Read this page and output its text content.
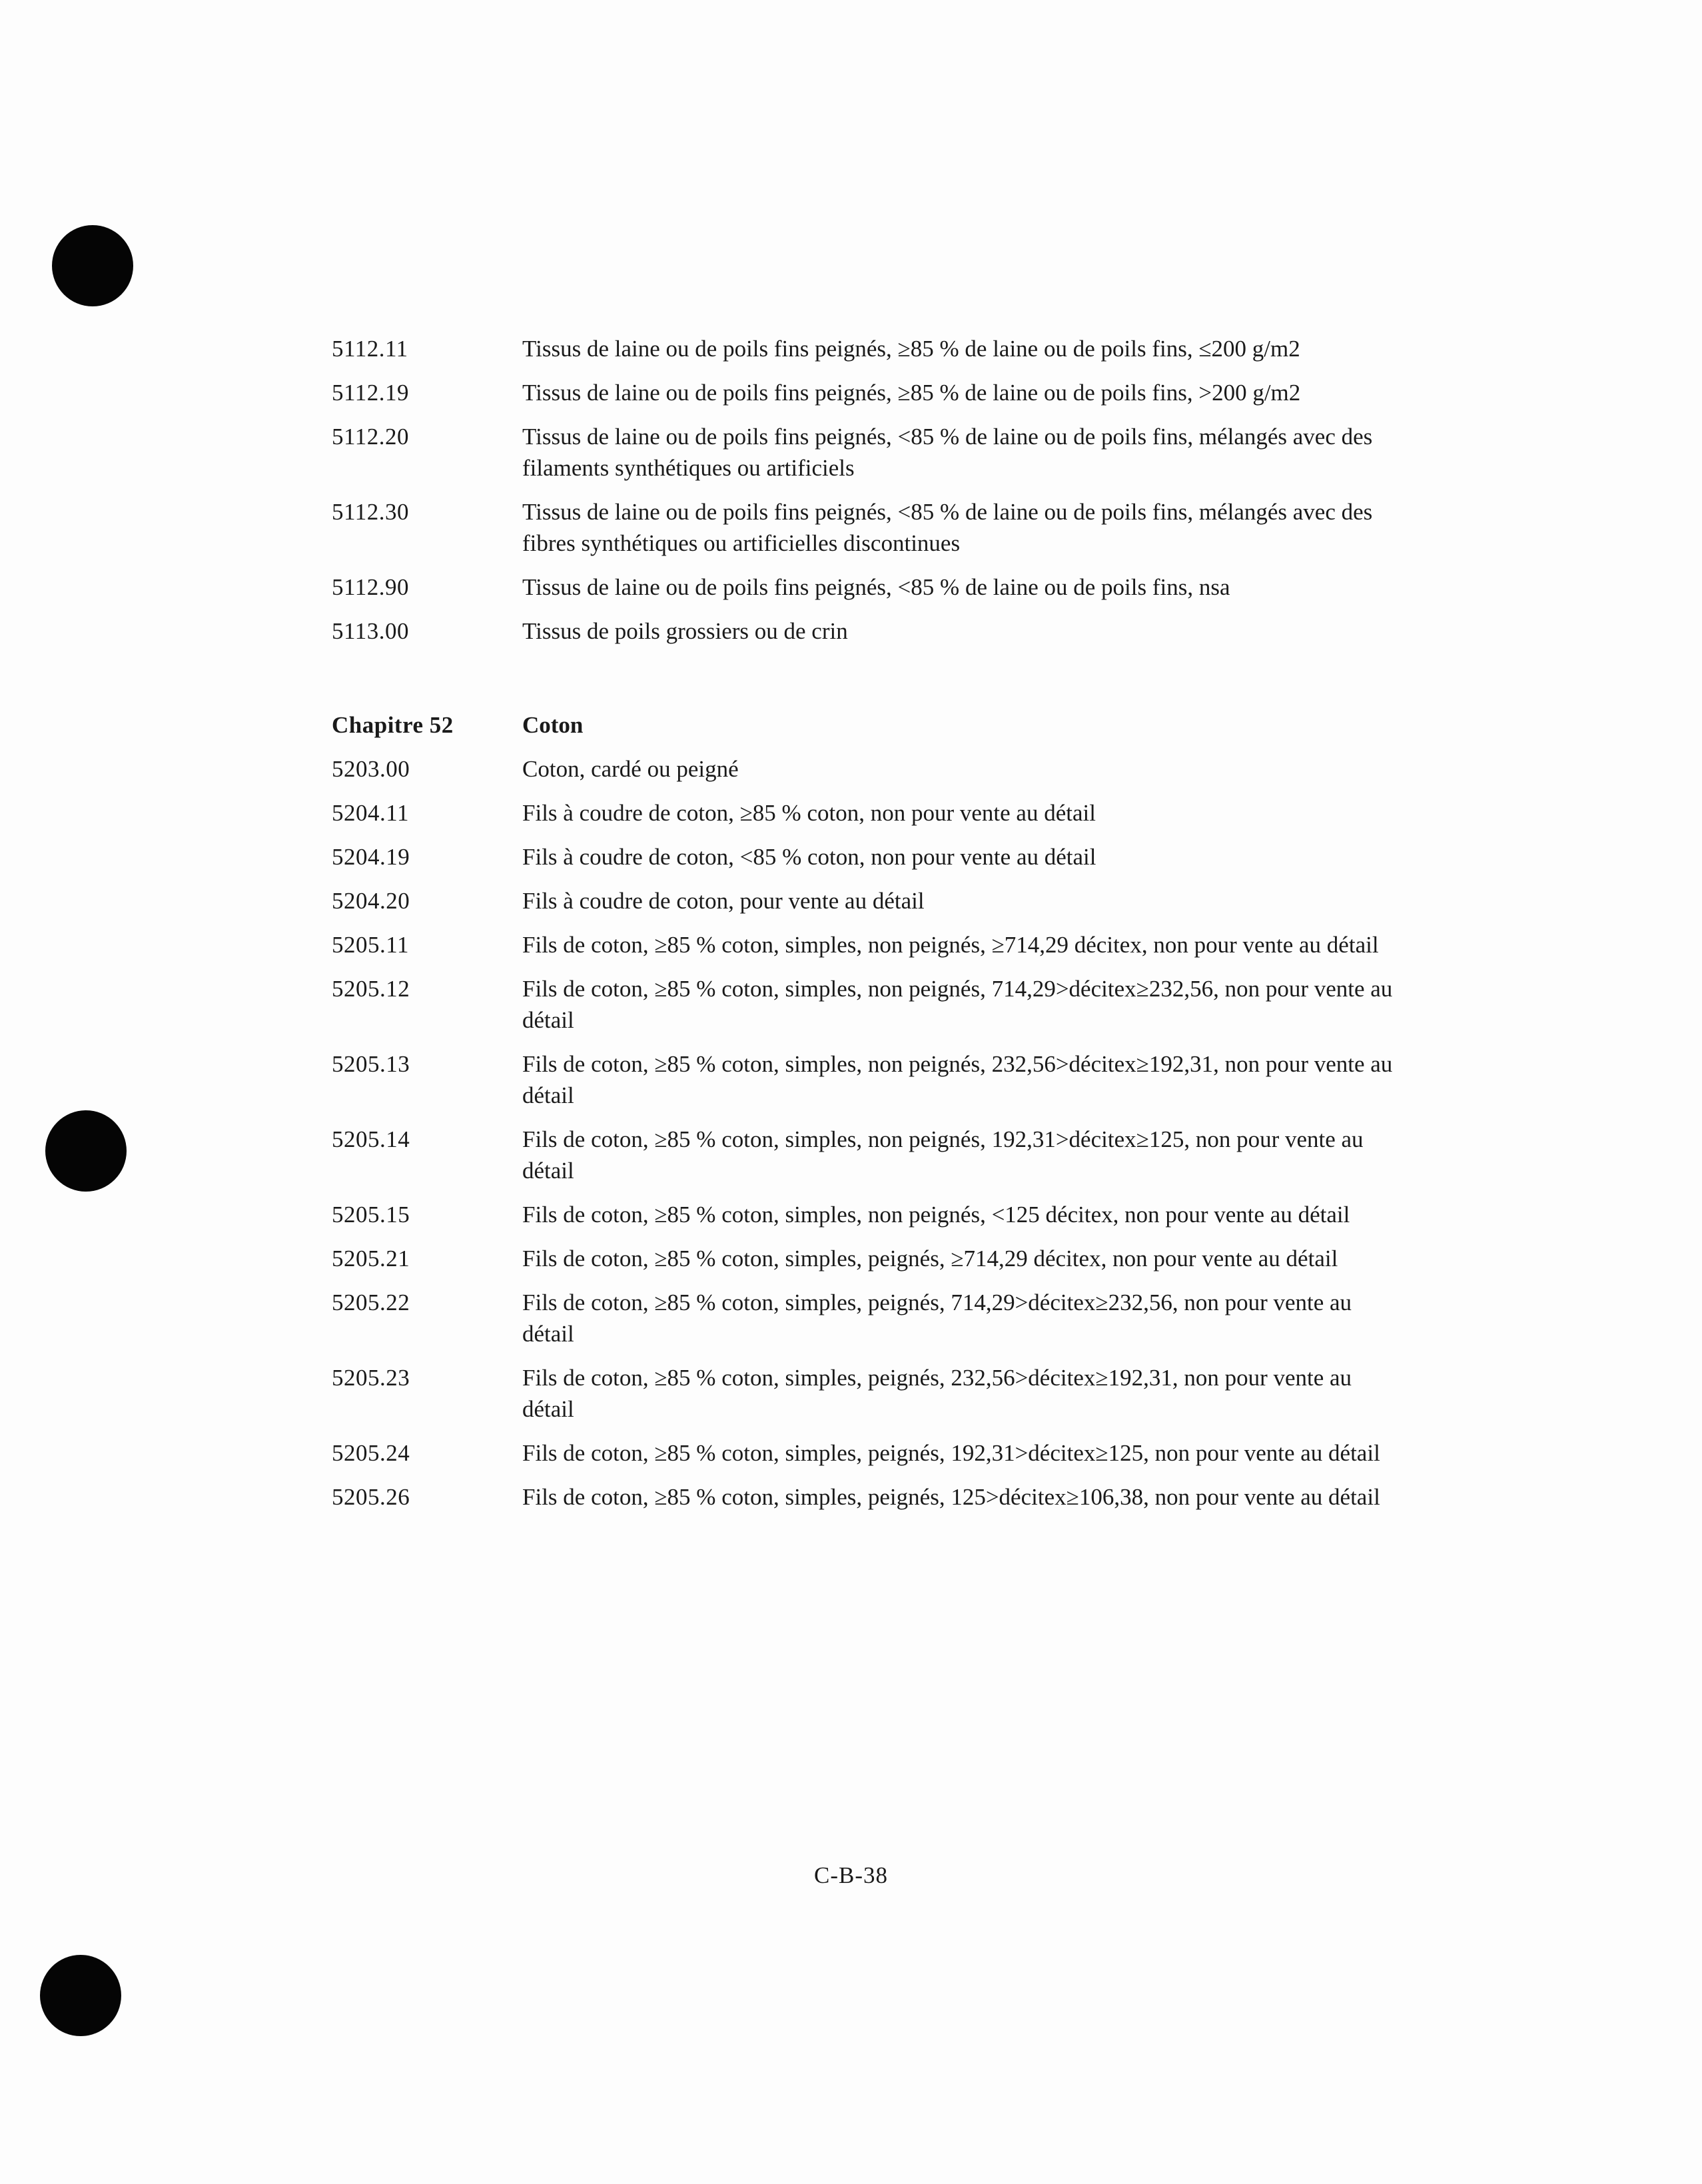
5112.11	Tissus de laine ou de poils fins peignés, ≥85 % de laine ou de poils fins, ≤200 g/m2
5112.19	Tissus de laine ou de poils fins peignés, ≥85 % de laine ou de poils fins, >200 g/m2
5112.20	Tissus de laine ou de poils fins peignés, <85 % de laine ou de poils fins, mélangés avec des filaments synthétiques ou artificiels
5112.30	Tissus de laine ou de poils fins peignés, <85 % de laine ou de poils fins, mélangés avec des fibres synthétiques ou artificielles discontinues
5112.90	Tissus de laine ou de poils fins peignés, <85 % de laine ou de poils fins, nsa
5113.00	Tissus de poils grossiers ou de crin
Chapitre 52	Coton
5203.00	Coton, cardé ou peigné
5204.11	Fils à coudre de coton, ≥85 % coton, non pour vente au détail
5204.19	Fils à coudre de coton, <85 % coton, non pour vente au détail
5204.20	Fils à coudre de coton, pour vente au détail
5205.11	Fils de coton, ≥85 % coton, simples, non peignés, ≥714,29 décitex, non pour vente au détail
5205.12	Fils de coton, ≥85 % coton, simples, non peignés, 714,29>décitex≥232,56, non pour vente au détail
5205.13	Fils de coton, ≥85 % coton, simples, non peignés, 232,56>décitex≥192,31, non pour vente au détail
5205.14	Fils de coton, ≥85 % coton, simples, non peignés, 192,31>décitex≥125, non pour vente au détail
5205.15	Fils de coton, ≥85 % coton, simples, non peignés, <125 décitex, non pour vente au détail
5205.21	Fils de coton, ≥85 % coton, simples, peignés, ≥714,29 décitex, non pour vente au détail
5205.22	Fils de coton, ≥85 % coton, simples, peignés, 714,29>décitex≥232,56, non pour vente au détail
5205.23	Fils de coton, ≥85 % coton, simples, peignés, 232,56>décitex≥192,31, non pour vente au détail
5205.24	Fils de coton, ≥85 % coton, simples, peignés, 192,31>décitex≥125, non pour vente au détail
5205.26	Fils de coton, ≥85 % coton, simples, peignés, 125>décitex≥106,38, non pour vente au détail
C-B-38
